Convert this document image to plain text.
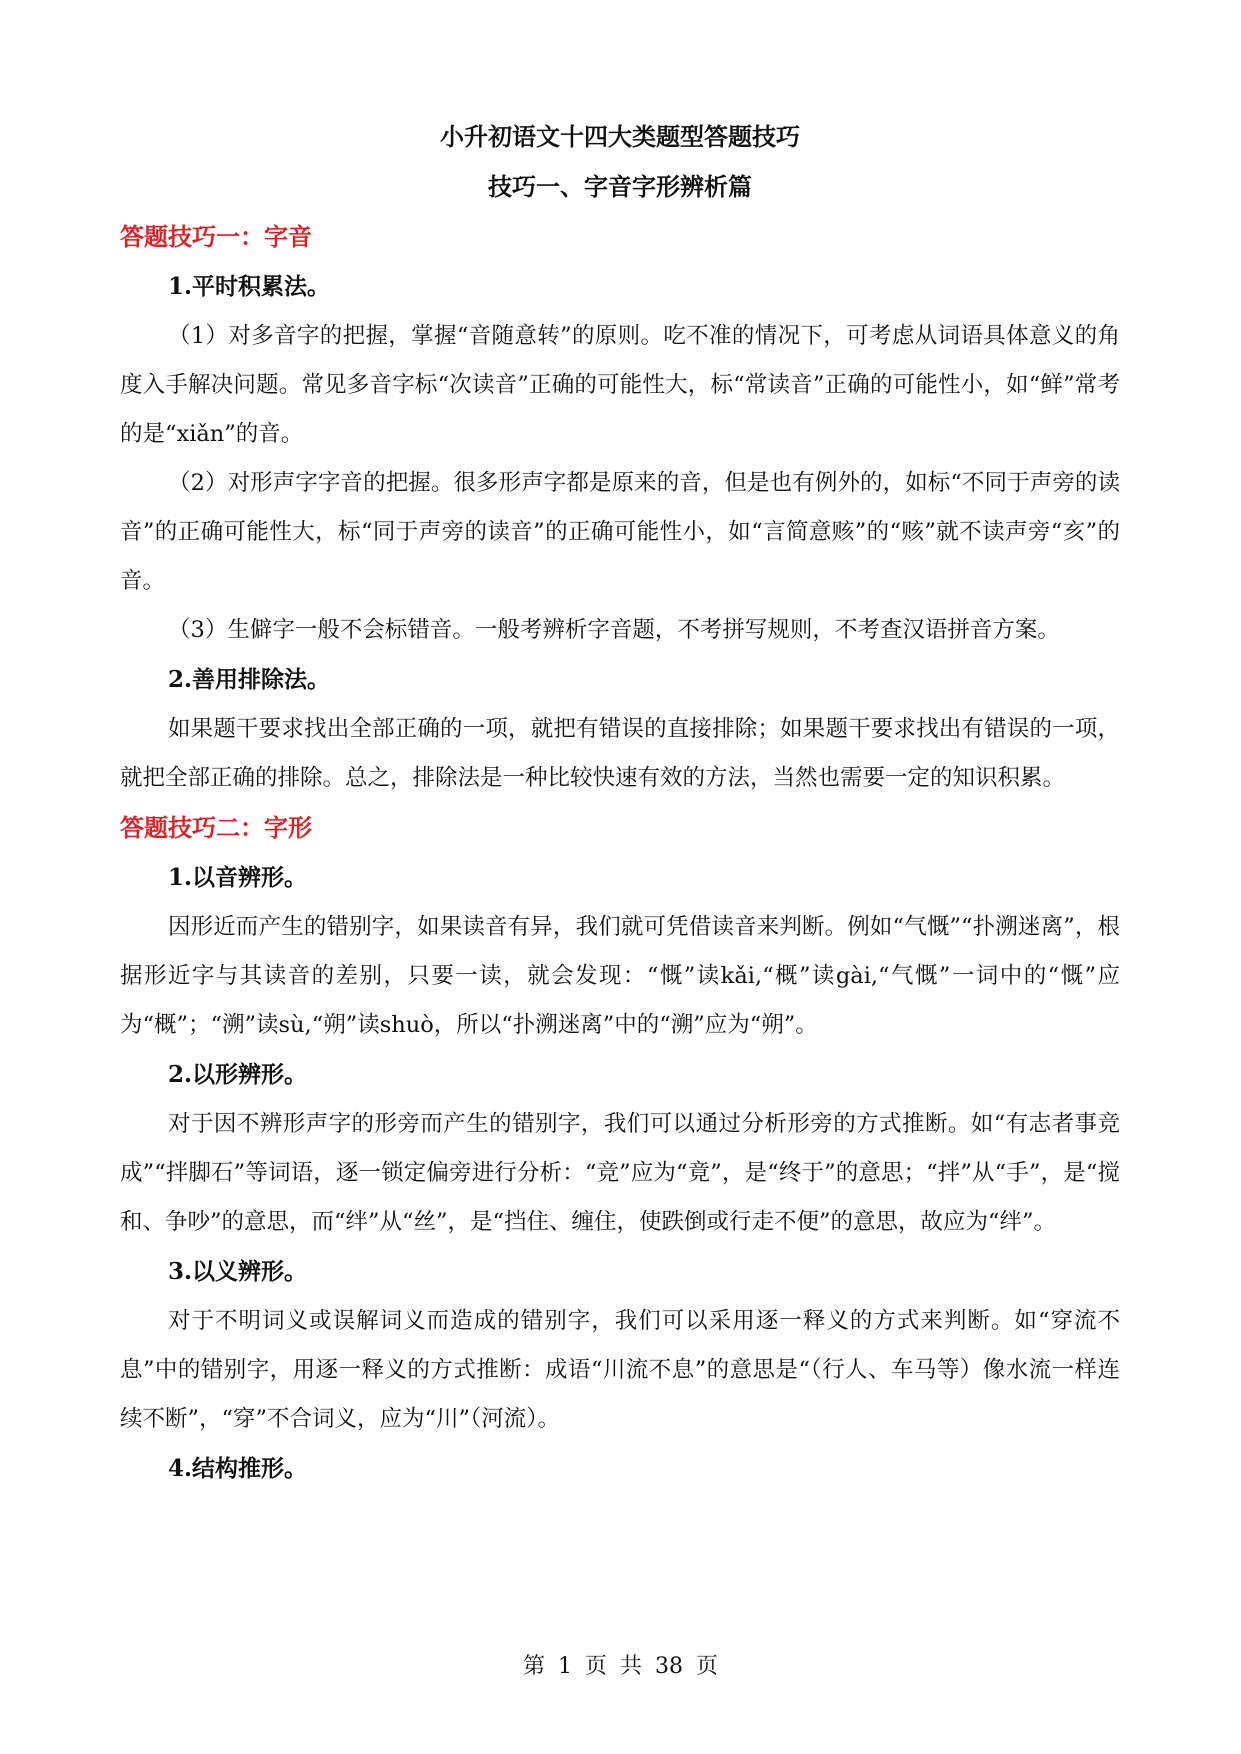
小升初语文十四大类题型答题技巧
技巧一、字音字形辨析篇
答题技巧一：字音
1.平时积累法。

（1）对多音字的把握，掌握“音随意转”的原则。吃不准的情况下，可考虑从词语具体意义的角度入手解决问题。常见多音字标“次读音”正确的可能性大，标“常读音”正确的可能性小，如“鲜”常考的是“xiǎn”的音。

（2）对形声字字音的把握。很多形声字都是原来的音，但是也有例外的，如标“不同于声旁的读音”的正确可能性大，标“同于声旁的读音”的正确可能性小，如“言简意赅”的“赅”就不读声旁“亥”的音。

（3）生僻字一般不会标错音。一般考辨析字音题，不考拼写规则，不考查汉语拼音方案。

2.善用排除法。

如果题干要求找出全部正确的一项，就把有错误的直接排除；如果题干要求找出有错误的一项，就把全部正确的排除。总之，排除法是一种比较快速有效的方法，当然也需要一定的知识积累。

答题技巧二：字形
1.以音辨形。

因形近而产生的错别字，如果读音有异，我们就可凭借读音来判断。例如“气慨”“扑溯迷离”，根据形近字与其读音的差别，只要一读，就会发现：“慨”读kǎi,“概”读gài,“气慨”一词中的“慨”应为“概”；“溯”读sù,“朔”读shuò，所以“扑溯迷离”中的“溯”应为“朔”。

2.以形辨形。

对于因不辨形声字的形旁而产生的错别字，我们可以通过分析形旁的方式推断。如“有志者事竞成”“拌脚石”等词语，逐一锁定偏旁进行分析：“竞”应为“竟”，是“终于”的意思；“拌”从“手”，是“搅和、争吵”的意思，而“绊”从“丝”，是“挡住、缠住，使跌倒或行走不便”的意思，故应为“绊”。

3.以义辨形。

对于不明词义或误解词义而造成的错别字，我们可以采用逐一释义的方式来判断。如“穿流不息”中的错别字，用逐一释义的方式推断：成语“川流不息”的意思是“（行人、车马等）像水流一样连续不断”，“穿”不合词义，应为“川”（河流）。

4.结构推形。
第 1 页 共 38 页
